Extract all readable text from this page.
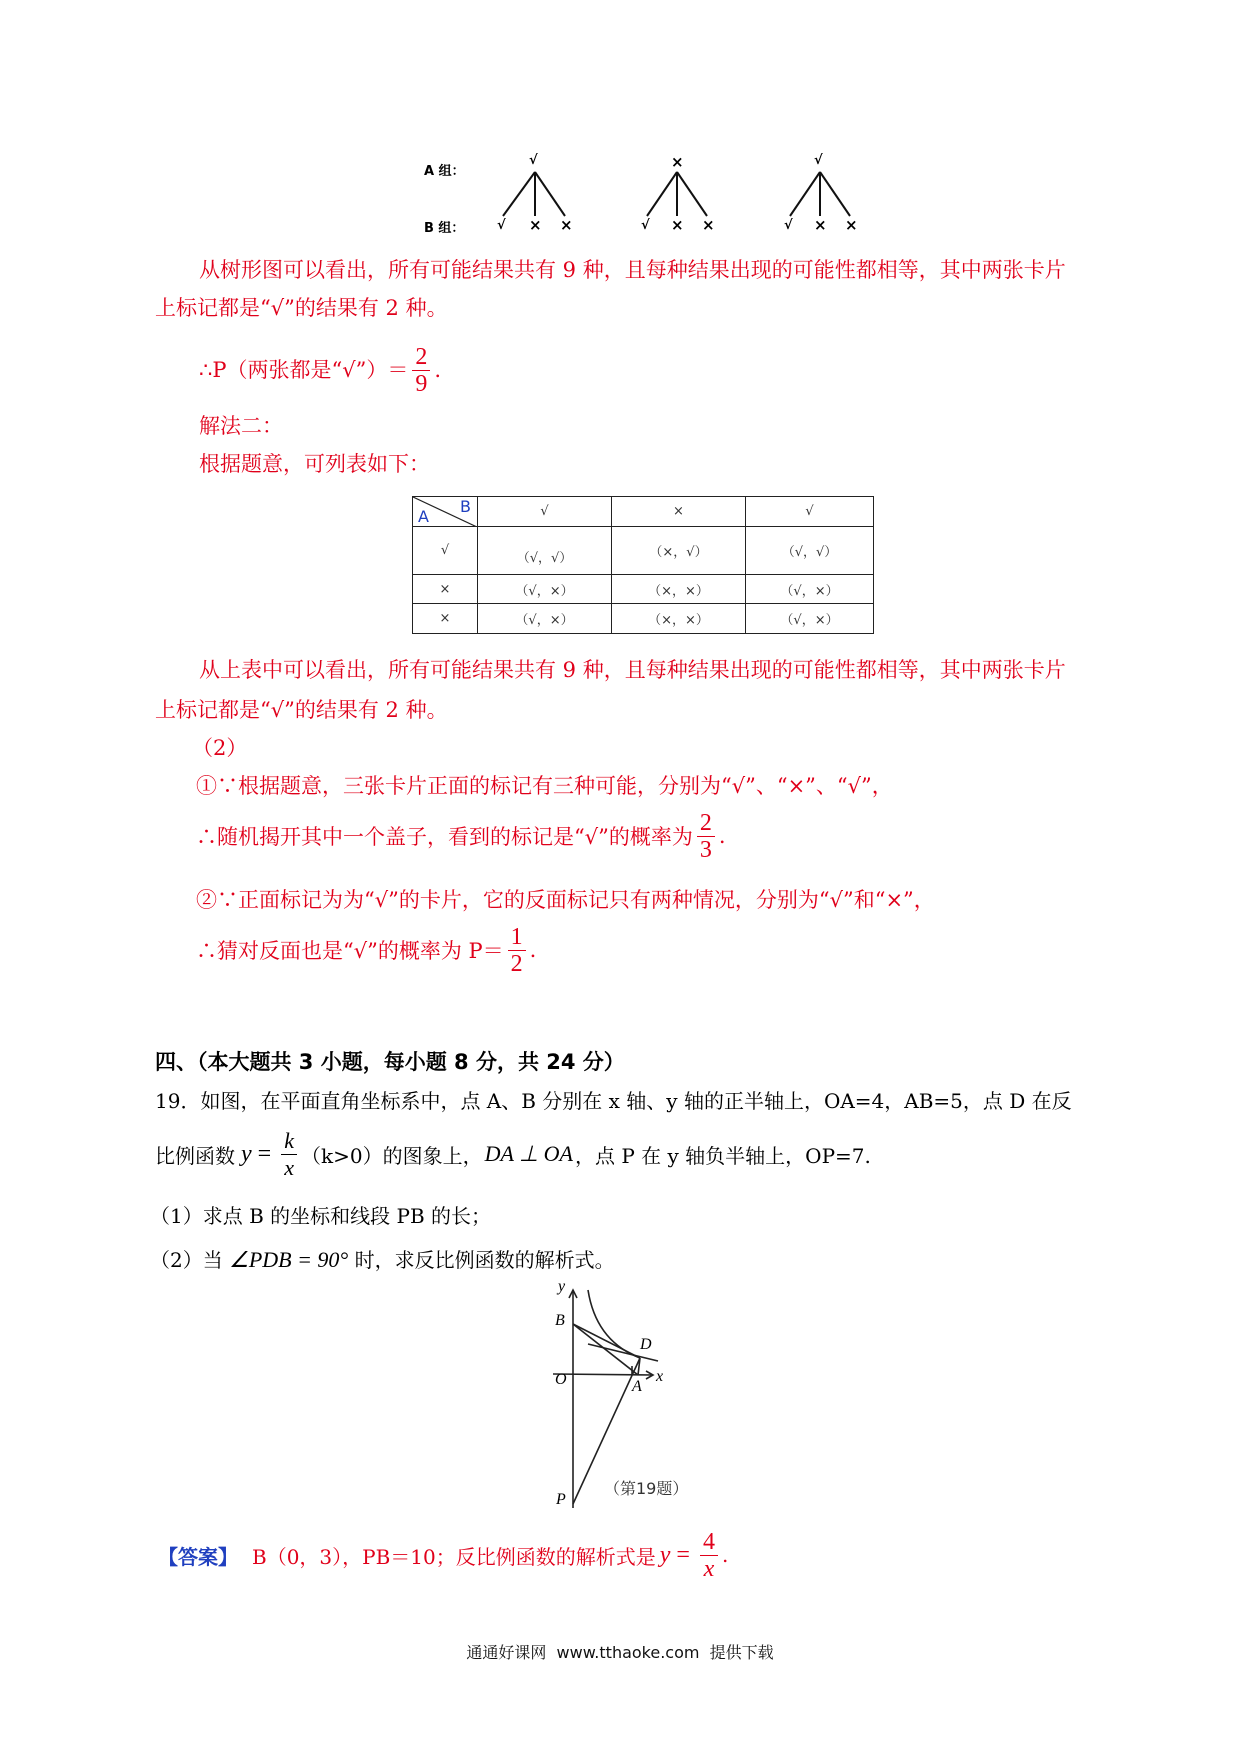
A 组：
B 组：
√	×	√
√ × ×	√ × ×	√ × ×
从树形图可以看出，所有可能结果共有 9 种，且每种结果出现的可能性都相等，其中两张卡片
上标记都是“√”的结果有 2 种。
∴P（两张都是“√”）＝ $\frac{2}{9}$ .
解法二：
根据题意，可列表如下：
B
A	√	×	√
√	（√，√）	（×，√）	（√，√）
×	（√，×）	（×，×）	（√，×）
×	（√，×）	（×，×）	（√，×）
从上表中可以看出，所有可能结果共有 9 种，且每种结果出现的可能性都相等，其中两张卡片
上标记都是“√”的结果有 2 种。
（2）
①∵根据题意，三张卡片正面的标记有三种可能，分别为“√”、“×”、“√”，
∴随机揭开其中一个盖子，看到的标记是“√”的概率为 $\frac{2}{3}$ .
②∵正面标记为为“√”的卡片，它的反面标记只有两种情况，分别为“√”和“×”，
∴猜对反面也是“√”的概率为 $P= \frac{1}{2}$ .
四、（本大题共 3 小题，每小题 8 分，共 24 分）
19．如图，在平面直角坐标系中，点 A、B 分别在 x 轴、y 轴的正半轴上，OA=4，AB=5，点 D 在反
比例函数 $y = \frac{k}{x} (k>0)$的图象上， DA ⊥ OA ，点 P 在 y 轴负半轴上，OP=7.
（1）求点 B 的坐标和线段 PB 的长；
（2）当 ∠PDB = 90° 时，求反比例函数的解析式。
y
B
D
O	A
x
P
（第19题）
【答案】 B（0，3），PB＝10；反比例函数的解析式是 $y = \frac{4}{x}$ .
通通好课网  www.tthaoke.com  提供下载
